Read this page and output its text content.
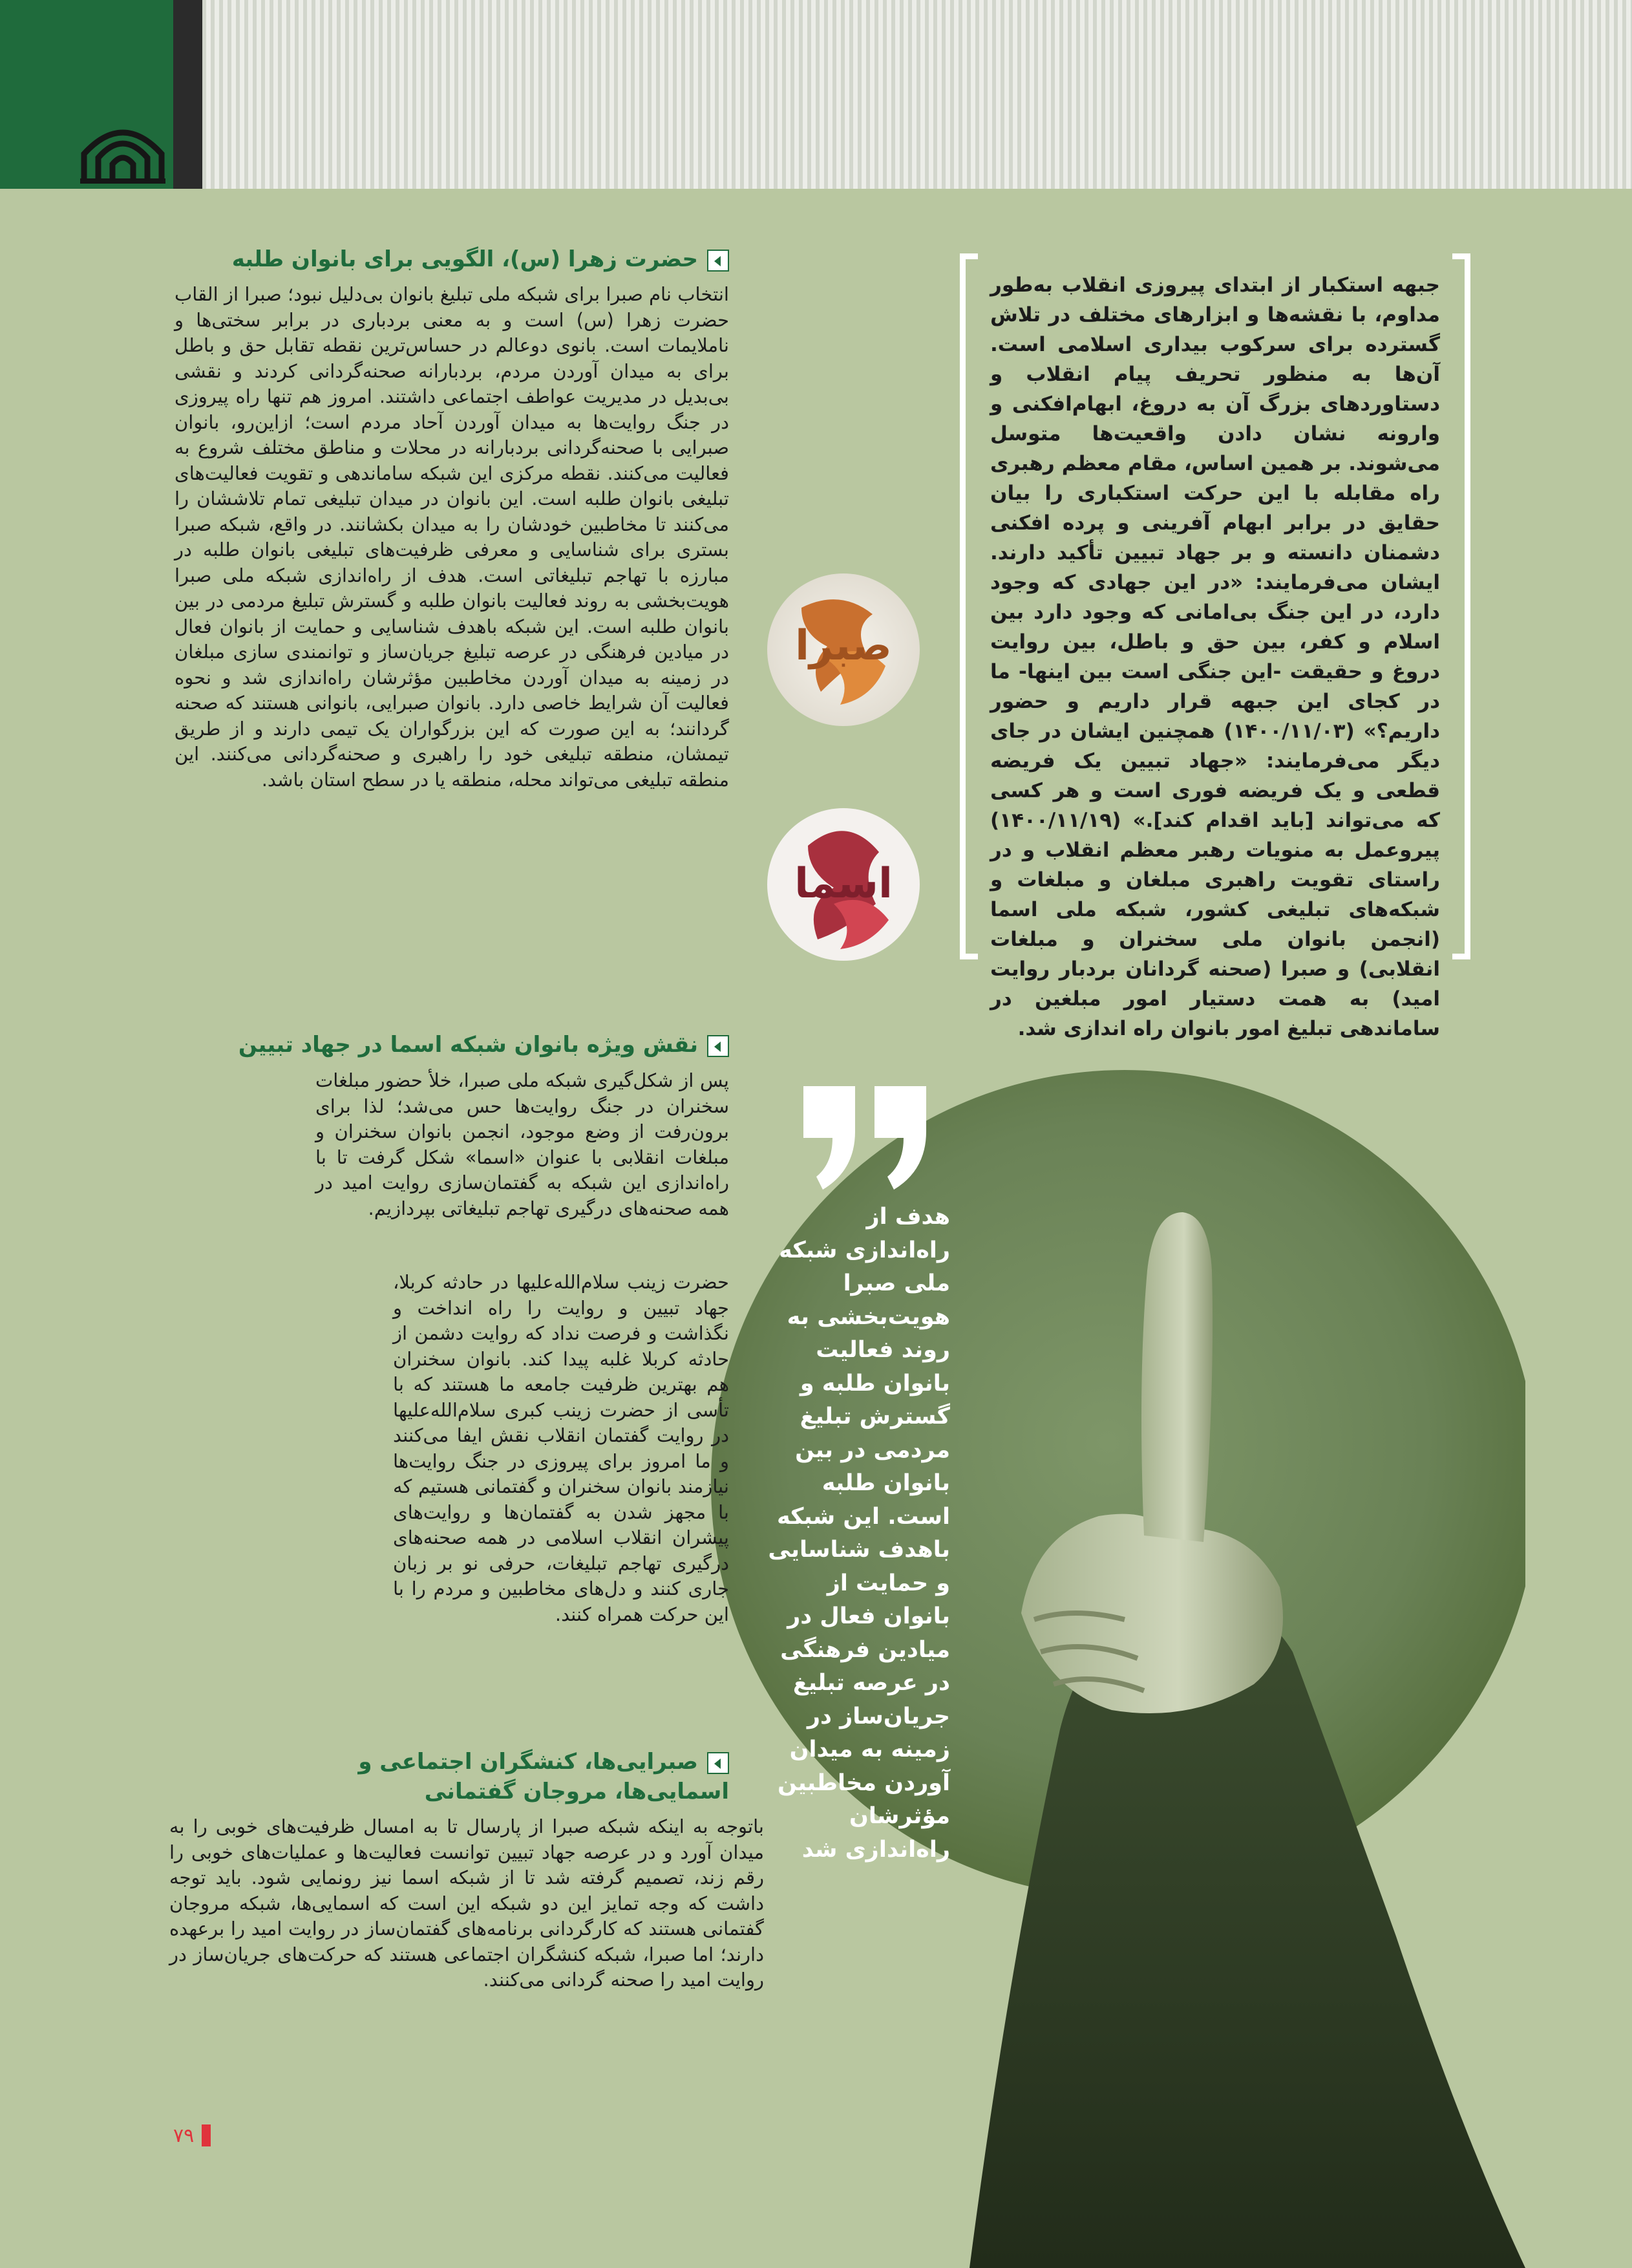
جبهه استکبار از ابتدای پیروزی انقلاب به‌طور مداوم، با نقشه‌ها و ابزارهای مختلف در تلاش گسترده برای سرکوب بیداری اسلامی است. آن‌ها به منظور تحریف پیام انقلاب و دستاوردهای بزرگ آن به دروغ، ابهام‌افکنی و وارونه نشان دادن واقعیت‌ها متوسل می‌شوند. بر همین اساس، مقام معظم رهبری راه مقابله با این حرکت استکباری را بیان حقایق در برابر ابهام آفرینی و پرده افکنی دشمنان دانسته و بر جهاد تبیین تأکید دارند. ایشان می‌فرمایند: «در این جهادی که وجود دارد، در این جنگ بی‌امانی که وجود دارد بین اسلام و کفر، بین حق و باطل، بین روایت دروغ و حقیقت -این جنگی است بین اینها- ما در کجای این جبهه قرار داریم و حضور داریم؟» (۱۴۰۰/۱۱/۰۳) همچنین ایشان در جای دیگر می‌فرمایند: «جهاد تبیین یک فریضه قطعی و یک فریضه فوری است و هر کسی که می‌تواند [باید اقدام کند].» (۱۴۰۰/۱۱/۱۹) پیروعمل به منویات رهبر معظم انقلاب و در راستای تقویت راهبری مبلغان و مبلغات و شبکه‌های تبلیغی کشور، شبکه ملی اسما (انجمن بانوان ملی سخنران و مبلغات انقلابی) و صبرا (صحنه گردانان بردبار روایت امید) به همت دستیار امور مبلغین در ساماندهی تبلیغ امور بانوان راه اندازی شد.
صبرا
اسما
هدف از راه‌اندازی شبکه ملی صبرا هویت‌بخشی به روند فعالیت بانوان طلبه و گسترش تبلیغ مردمی در بین بانوان طلبه است. این شبکه باهدف شناسایی و حمایت از بانوان فعال در میادین فرهنگی در عرصه تبلیغ جریان‌ساز در زمینه به میدان آوردن مخاطبین مؤثرشان راه‌اندازی شد
حضرت زهرا (س)، الگویی برای بانوان طلبه
انتخاب نام صبرا برای شبکه ملی تبلیغ بانوان بی‌دلیل نبود؛ صبرا از القاب حضرت زهرا (س) است و به معنی بردباری در برابر سختی‌ها و ناملایمات است. بانوی دوعالم در حساس‌ترین نقطه تقابل حق و باطل برای به میدان آوردن مردم، بردبارانه صحنه‌گردانی کردند و نقشی بی‌بدیل در مدیریت عواطف اجتماعی داشتند. امروز هم تنها راه پیروزی در جنگ روایت‌ها به میدان آوردن آحاد مردم است؛ ازاین‌رو، بانوان صبرایی با صحنه‌گردانی بردبارانه در محلات و مناطق مختلف شروع به فعالیت می‌کنند. نقطه مرکزی این شبکه ساماندهی و تقویت فعالیت‌های تبلیغی بانوان طلبه است. این بانوان در میدان تبلیغی تمام تلاششان را می‌کنند تا مخاطبین خودشان را به میدان بکشانند. در واقع، شبکه صبرا بستری برای شناسایی و معرفی ظرفیت‌های تبلیغی بانوان طلبه در مبارزه با تهاجم تبلیغاتی است. هدف از راه‌اندازی شبکه ملی صبرا هویت‌بخشی به روند فعالیت بانوان طلبه و گسترش تبلیغ مردمی در بین بانوان طلبه است. این شبکه باهدف شناسایی و حمایت از بانوان فعال در میادین فرهنگی در عرصه تبلیغ جریان‌ساز و توانمندی سازی مبلغان در زمینه به میدان آوردن مخاطبین مؤثرشان راه‌اندازی شد و نحوه فعالیت آن شرایط خاصی دارد. بانوان صبرایی، بانوانی هستند که صحنه گردانند؛ به این صورت که این بزرگواران یک تیمی دارند و از طریق تیمشان، منطقه تبلیغی خود را راهبری و صحنه‌گردانی می‌کنند. این منطقه تبلیغی می‌تواند محله، منطقه یا در سطح استان باشد.
نقش ویژه بانوان شبکه اسما در جهاد تبیین
پس از شکل‌گیری شبکه ملی صبرا، خلأ حضور مبلغات سخنران در جنگ روایت‌ها حس می‌شد؛ لذا برای برون‌رفت از وضع موجود، انجمن بانوان سخنران و مبلغات انقلابی با عنوان «اسما» شکل گرفت تا با راه‌اندازی این شبکه به گفتمان‌سازی روایت امید در همه صحنه‌های درگیری تهاجم تبلیغاتی بپردازیم.
حضرت زینب سلام‌الله‌علیها در حادثه کربلا، جهاد تبیین و روایت را راه انداخت و نگذاشت و فرصت نداد که روایت دشمن از حادثه کربلا غلبه پیدا کند. بانوان سخنران هم بهترین ظرفیت جامعه ما هستند که با تأسی از حضرت زینب کبری سلام‌الله‌علیها در روایت گفتمان انقلاب نقش ایفا می‌کنند و ما امروز برای پیروزی در جنگ روایت‌ها نیازمند بانوان سخنران و گفتمانی هستیم که با مجهز شدن به گفتمان‌ها و روایت‌های پیشران انقلاب اسلامی در همه صحنه‌های درگیری تهاجم تبلیغات، حرفی نو بر زبان جاری کنند و دل‌های مخاطبین و مردم را با این حرکت همراه کنند.
صبرایی‌ها، کنشگران اجتماعی و
اسمایی‌ها، مروجان گفتمانی
باتوجه به اینکه شبکه صبرا از پارسال تا به امسال ظرفیت‌های خوبی را به میدان آورد و در عرصه جهاد تبیین توانست فعالیت‌ها و عملیات‌های خوبی را رقم زند، تصمیم گرفته شد تا از شبکه اسما نیز رونمایی شود. باید توجه داشت که وجه تمایز این دو شبکه این است که اسمایی‌ها، شبکه مروجان گفتمانی هستند که کارگردانی برنامه‌های گفتمان‌ساز در روایت امید را برعهده دارند؛ اما صبرا، شبکه کنشگران اجتماعی هستند که حرکت‌های جریان‌ساز در روایت امید را صحنه گردانی می‌کنند.
۷۹
